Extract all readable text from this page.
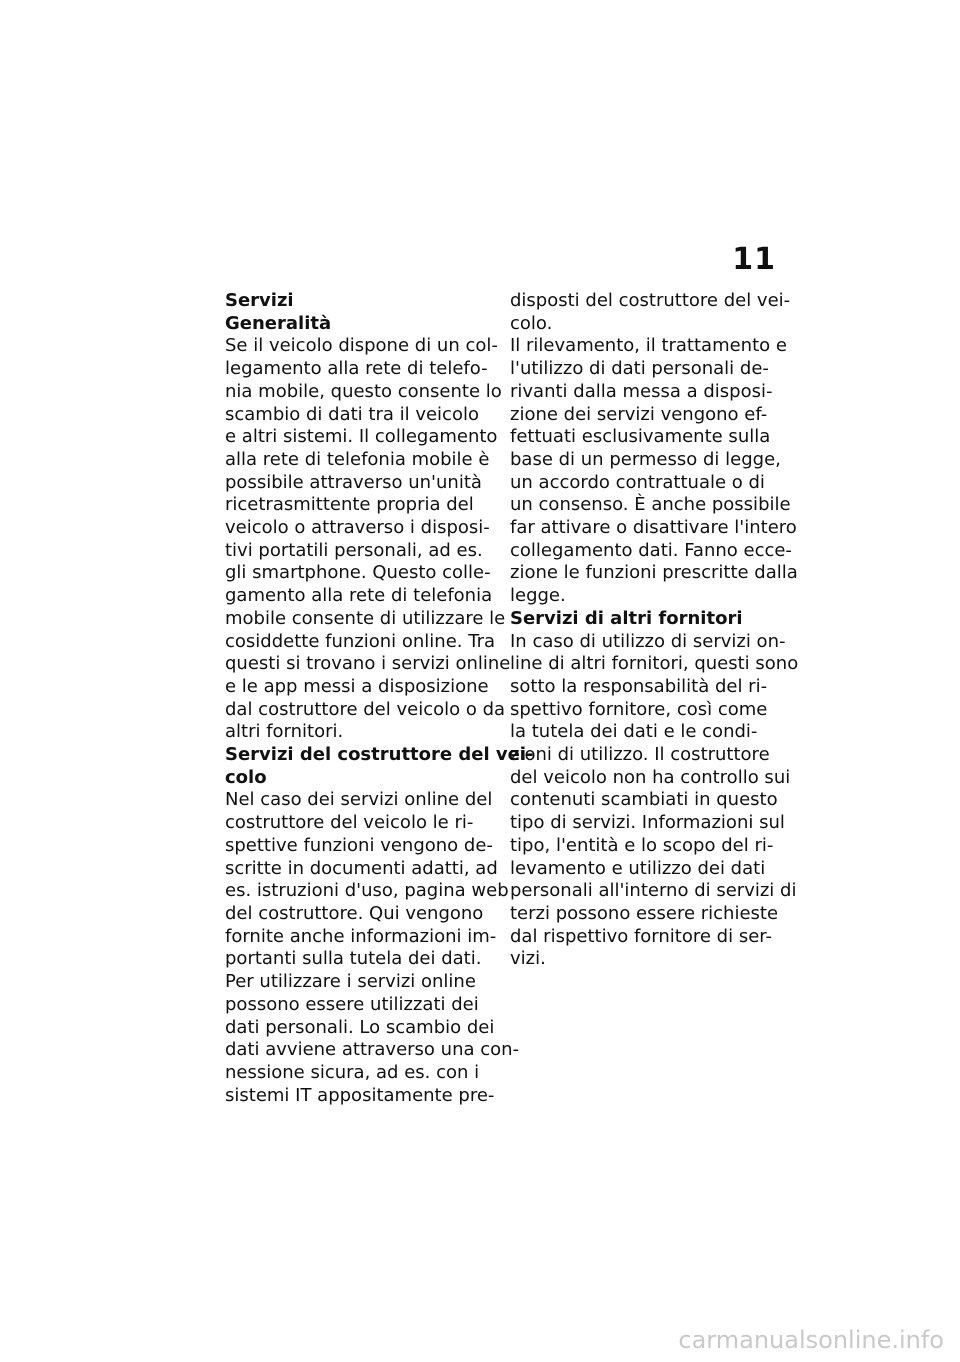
11
Servizi
Generalità
Se il veicolo dispone di un col-
legamento alla rete di telefo-
nia mobile, questo consente lo
scambio di dati tra il veicolo
e altri sistemi. Il collegamento
alla rete di telefonia mobile è
possibile attraverso un'unità
ricetrasmittente propria del
veicolo o attraverso i disposi-
tivi portatili personali, ad es.
gli smartphone. Questo colle-
gamento alla rete di telefonia
mobile consente di utilizzare le
cosiddette funzioni online. Tra
questi si trovano i servizi online
e le app messi a disposizione
dal costruttore del veicolo o da
altri fornitori.
Servizi del costruttore del vei-
colo
Nel caso dei servizi online del
costruttore del veicolo le ri-
spettive funzioni vengono de-
scritte in documenti adatti, ad
es. istruzioni d'uso, pagina web
del costruttore. Qui vengono
fornite anche informazioni im-
portanti sulla tutela dei dati.
Per utilizzare i servizi online
possono essere utilizzati dei
dati personali. Lo scambio dei
dati avviene attraverso una con-
nessione sicura, ad es. con i
sistemi IT appositamente pre-
disposti del costruttore del vei-
colo.
Il rilevamento, il trattamento e
l'utilizzo di dati personali de-
rivanti dalla messa a disposi-
zione dei servizi vengono ef-
fettuati esclusivamente sulla
base di un permesso di legge,
un accordo contrattuale o di
un consenso. È anche possibile
far attivare o disattivare l'intero
collegamento dati. Fanno ecce-
zione le funzioni prescritte dalla
legge.
Servizi di altri fornitori
In caso di utilizzo di servizi on-
line di altri fornitori, questi sono
sotto la responsabilità del ri-
spettivo fornitore, così come
la tutela dei dati e le condi-
zioni di utilizzo. Il costruttore
del veicolo non ha controllo sui
contenuti scambiati in questo
tipo di servizi. Informazioni sul
tipo, l'entità e lo scopo del ri-
levamento e utilizzo dei dati
personali all'interno di servizi di
terzi possono essere richieste
dal rispettivo fornitore di ser-
vizi.
carmanualsonline.info
